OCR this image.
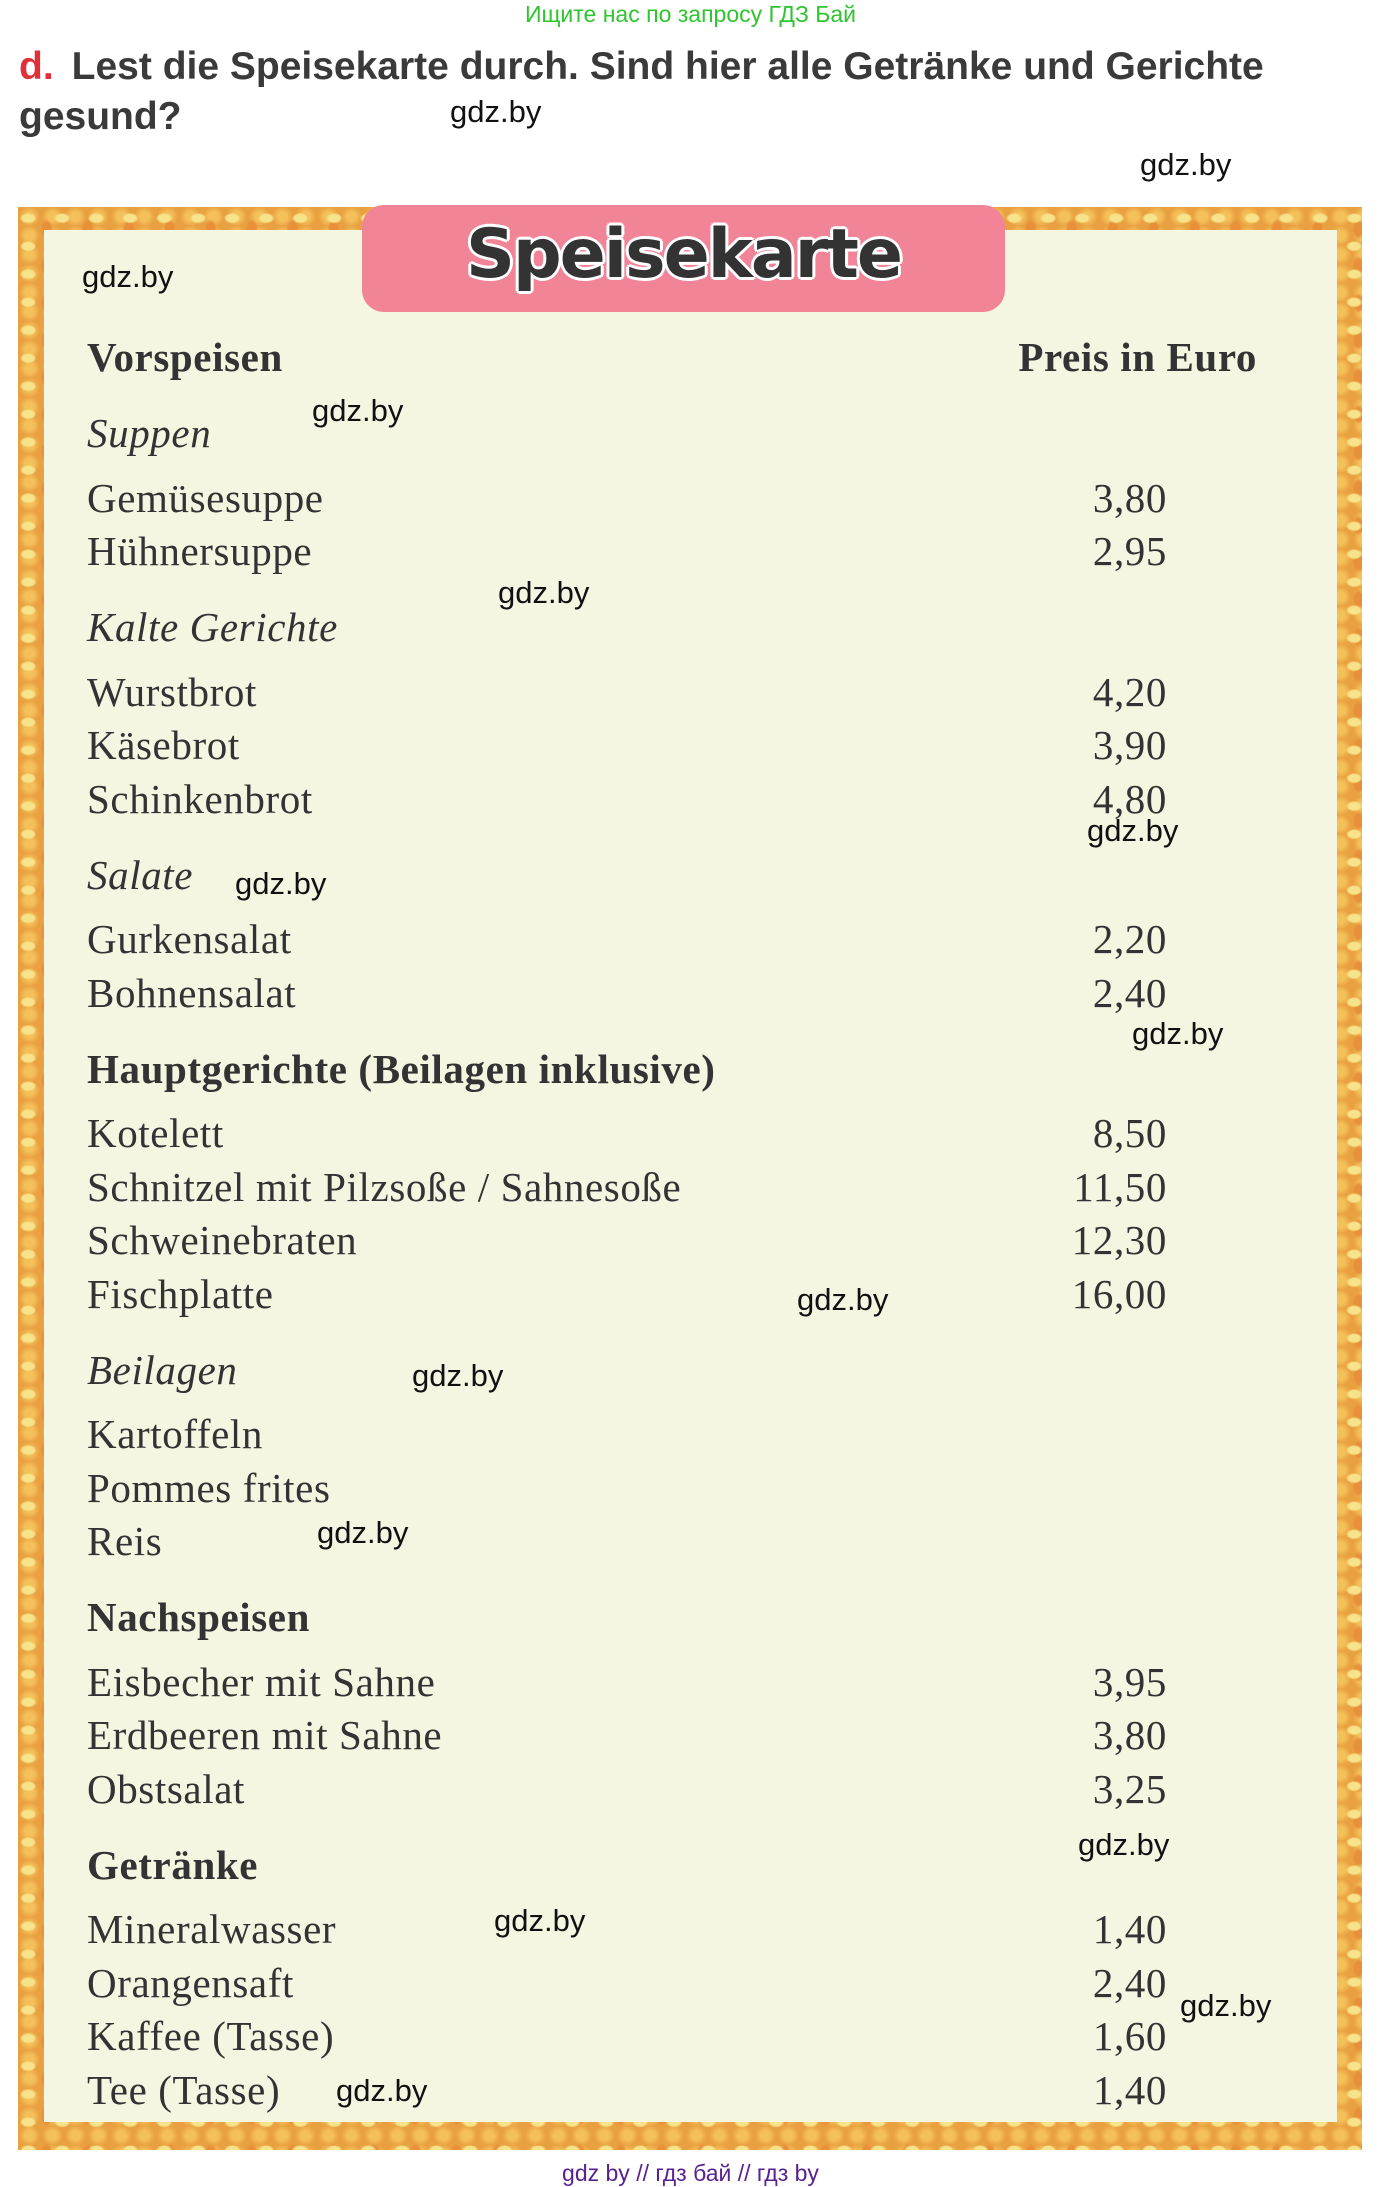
Ищите нас по запросу ГДЗ Бай
d. Lest die Speisekarte durch. Sind hier alle Getränke und Gerichte gesund?
Speisekarte
Vorspeisen	Preis in Euro
Suppen
Gemüsesuppe	3,80
Hühnersuppe	2,95
Kalte Gerichte
Wurstbrot	4,20
Käsebrot	3,90
Schinkenbrot	4,80
Salate
Gurkensalat	2,20
Bohnensalat	2,40
Hauptgerichte (Beilagen inklusive)
Kotelett	8,50
Schnitzel mit Pilzsoße / Sahnesoße	11,50
Schweinebraten	12,30
Fischplatte	16,00
Beilagen
Kartoffeln
Pommes frites
Reis
Nachspeisen
Eisbecher mit Sahne	3,95
Erdbeeren mit Sahne	3,80
Obstsalat	3,25
Getränke
Mineralwasser	1,40
Orangensaft	2,40
Kaffee (Tasse)	1,60
Tee (Tasse)	1,40
gdz.by
gdz.by
gdz.by
gdz.by
gdz.by
gdz.by
gdz.by
gdz.by
gdz.by
gdz.by
gdz.by
gdz.by
gdz.by
gdz.by
gdz.by
gdz by // гдз бай // гдз by
